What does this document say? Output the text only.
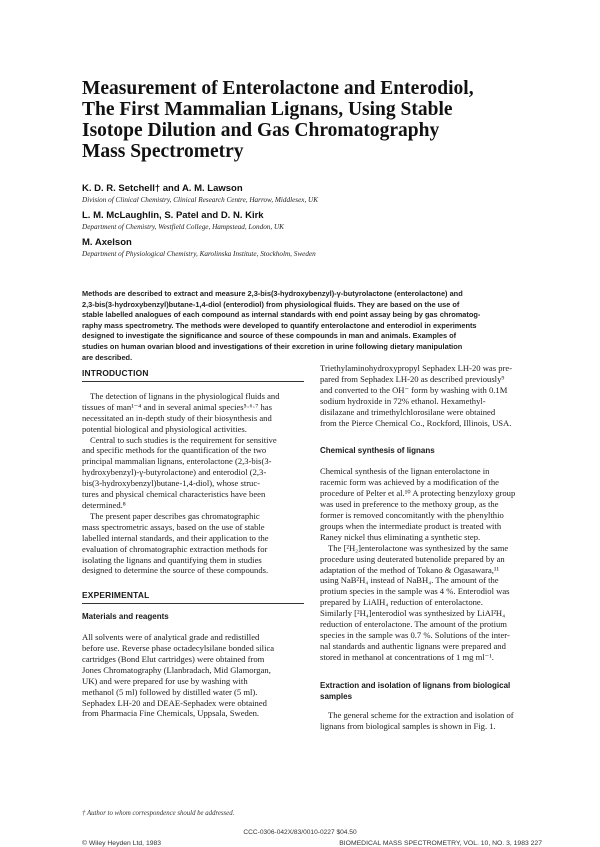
Measurement of Enterolactone and Enterodiol,
The First Mammalian Lignans, Using Stable
Isotope Dilution and Gas Chromatography
Mass Spectrometry
K. D. R. Setchell† and A. M. Lawson
Division of Clinical Chemistry, Clinical Research Centre, Harrow, Middlesex, UK
L. M. McLaughlin, S. Patel and D. N. Kirk
Department of Chemistry, Westfield College, Hampstead, London, UK
M. Axelson
Department of Physiological Chemistry, Karolinska Institute, Stockholm, Sweden
Methods are described to extract and measure 2,3-bis(3-hydroxybenzyl)-γ-butyrolactone (enterolactone) and
2,3-bis(3-hydroxybenzyl)butane-1,4-diol (enterodiol) from physiological fluids. They are based on the use of
stable labelled analogues of each compound as internal standards with end point assay being by gas chromatog-
raphy mass spectrometry. The methods were developed to quantify enterolactone and enterodiol in experiments
designed to investigate the significance and source of these compounds in man and animals. Examples of
studies on human ovarian blood and investigations of their excretion in urine following dietary manipulation
are described.
INTRODUCTION
The detection of lignans in the physiological fluids and
tissues of man¹⁻⁴ and in several animal species⁵·⁶·⁷ has
necessitated an in-depth study of their biosynthesis and
potential biological and physiological activities.
Central to such studies is the requirement for sensitive
and specific methods for the quantification of the two
principal mammalian lignans, enterolactone (2,3-bis(3-
hydroxybenzyl)-γ-butyrolactone) and enterodiol (2,3-
bis(3-hydroxybenzyl)butane-1,4-diol), whose struc-
tures and physical chemical characteristics have been
determined.⁸
The present paper describes gas chromatographic
mass spectrometric assays, based on the use of stable
labelled internal standards, and their application to the
evaluation of chromatographic extraction methods for
isolating the lignans and quantifying them in studies
designed to determine the source of these compounds.
EXPERIMENTAL
Materials and reagents
All solvents were of analytical grade and redistilled
before use. Reverse phase octadecylsilane bonded silica
cartridges (Bond Elut cartridges) were obtained from
Jones Chromatography (Llanbradach, Mid Glamorgan,
UK) and were prepared for use by washing with
methanol (5 ml) followed by distilled water (5 ml).
Sephadex LH-20 and DEAE-Sephadex were obtained
from Pharmacia Fine Chemicals, Uppsala, Sweden.
† Author to whom correspondence should be addressed.
Triethylaminohydroxypropyl Sephadex LH-20 was pre-
pared from Sephadex LH-20 as described previously⁹
and converted to the OH⁻ form by washing with 0.1M
sodium hydroxide in 72% ethanol. Hexamethyl-
disilazane and trimethylchlorosilane were obtained
from the Pierce Chemical Co., Rockford, Illinois, USA.
Chemical synthesis of lignans
Chemical synthesis of the lignan enterolactone in
racemic form was achieved by a modification of the
procedure of Pelter et al.¹⁰ A protecting benzyloxy group
was used in preference to the methoxy group, as the
former is removed concomitantly with the phenylthio
groups when the intermediate product is treated with
Raney nickel thus eliminating a synthetic step.
The [²H₂]enterolactone was synthesized by the same
procedure using deuterated butenolide prepared by an
adaptation of the method of Tokano & Ogasawara,¹¹
using NaB²H₄ instead of NaBH₄. The amount of the
protium species in the sample was 4 %. Enterodiol was
prepared by LiAlH₄ reduction of enterolactone.
Similarly [²H₄]enterodiol was synthesized by LiAl²H₄
reduction of enterolactone. The amount of the protium
species in the sample was 0.7 %. Solutions of the inter-
nal standards and authentic lignans were prepared and
stored in methanol at concentrations of 1 mg ml⁻¹.
Extraction and isolation of lignans from biological
samples
The general scheme for the extraction and isolation of
lignans from biological samples is shown in Fig. 1.
CCC-0306-042X/83/0010-0227 $04.50
© Wiley Heyden Ltd, 1983	BIOMEDICAL MASS SPECTROMETRY, VOL. 10, NO. 3, 1983 227
